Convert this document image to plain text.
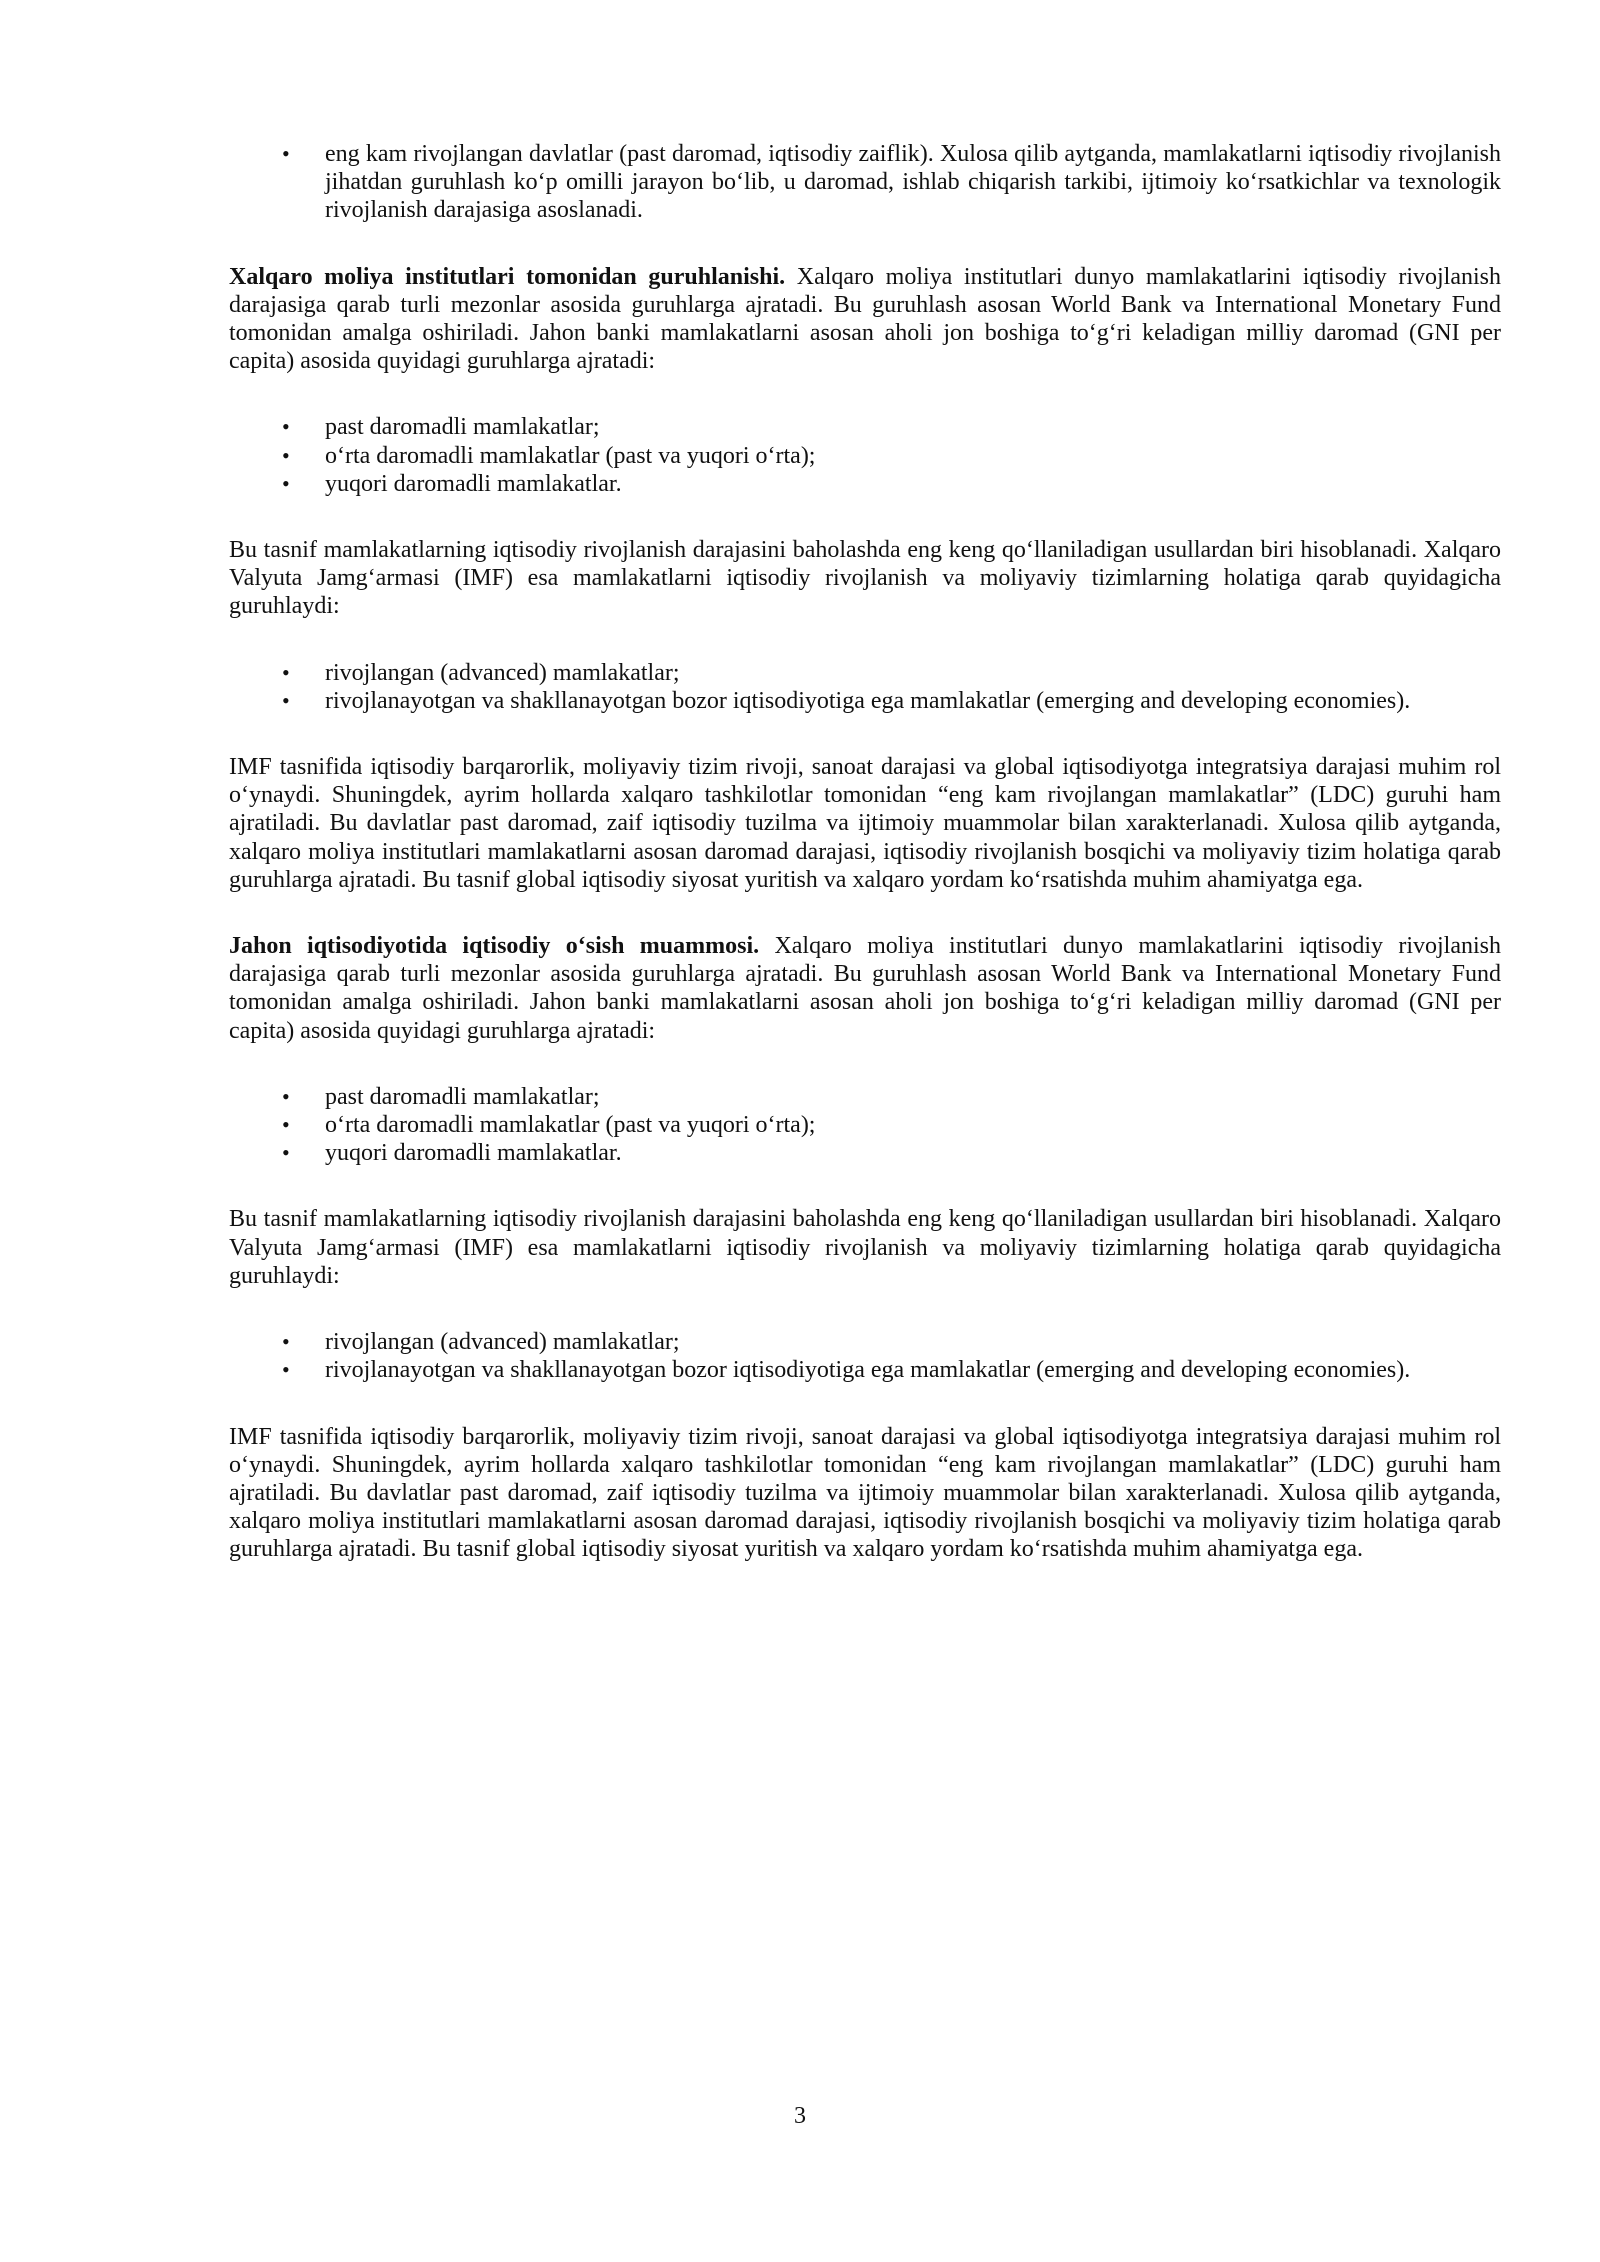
• eng kam rivojlangan davlatlar (past daromad, iqtisodiy zaiflik). Xulosa qilib aytganda, mamlakatlarni iqtisodiy rivojlanish jihatdan guruhlash ko‘p omilli jarayon bo‘lib, u daromad, ishlab chiqarish tarkibi, ijtimoiy ko‘rsatkichlar va texnologik rivojlanish darajasiga asoslanadi.

Xalqaro moliya institutlari tomonidan guruhlanishi. Xalqaro moliya institutlari dunyo mamlakatlarini iqtisodiy rivojlanish darajasiga qarab turli mezonlar asosida guruhlarga ajratadi. Bu guruhlash asosan World Bank va International Monetary Fund tomonidan amalga oshiriladi. Jahon banki mamlakatlarni asosan aholi jon boshiga to‘g‘ri keladigan milliy daromad (GNI per capita) asosida quyidagi guruhlarga ajratadi:

• past daromadli mamlakatlar;
• o‘rta daromadli mamlakatlar (past va yuqori o‘rta);
• yuqori daromadli mamlakatlar.

Bu tasnif mamlakatlarning iqtisodiy rivojlanish darajasini baholashda eng keng qo‘llaniladigan usullardan biri hisoblanadi. Xalqaro Valyuta Jamg‘armasi (IMF) esa mamlakatlarni iqtisodiy rivojlanish va moliyaviy tizimlarning holatiga qarab quyidagicha guruhlaydi:

• rivojlangan (advanced) mamlakatlar;
• rivojlanayotgan va shakllanayotgan bozor iqtisodiyotiga ega mamlakatlar (emerging and developing economies).

IMF tasnifida iqtisodiy barqarorlik, moliyaviy tizim rivoji, sanoat darajasi va global iqtisodiyotga integratsiya darajasi muhim rol o‘ynaydi. Shuningdek, ayrim hollarda xalqaro tashkilotlar tomonidan “eng kam rivojlangan mamlakatlar” (LDC) guruhi ham ajratiladi. Bu davlatlar past daromad, zaif iqtisodiy tuzilma va ijtimoiy muammolar bilan xarakterlanadi. Xulosa qilib aytganda, xalqaro moliya institutlari mamlakatlarni asosan daromad darajasi, iqtisodiy rivojlanish bosqichi va moliyaviy tizim holatiga qarab guruhlarga ajratadi. Bu tasnif global iqtisodiy siyosat yuritish va xalqaro yordam ko‘rsatishda muhim ahamiyatga ega.

Jahon iqtisodiyotida iqtisodiy o‘sish muammosi. Xalqaro moliya institutlari dunyo mamlakatlarini iqtisodiy rivojlanish darajasiga qarab turli mezonlar asosida guruhlarga ajratadi. Bu guruhlash asosan World Bank va International Monetary Fund tomonidan amalga oshiriladi. Jahon banki mamlakatlarni asosan aholi jon boshiga to‘g‘ri keladigan milliy daromad (GNI per capita) asosida quyidagi guruhlarga ajratadi:

• past daromadli mamlakatlar;
• o‘rta daromadli mamlakatlar (past va yuqori o‘rta);
• yuqori daromadli mamlakatlar.

Bu tasnif mamlakatlarning iqtisodiy rivojlanish darajasini baholashda eng keng qo‘llaniladigan usullardan biri hisoblanadi. Xalqaro Valyuta Jamg‘armasi (IMF) esa mamlakatlarni iqtisodiy rivojlanish va moliyaviy tizimlarning holatiga qarab quyidagicha guruhlaydi:

• rivojlangan (advanced) mamlakatlar;
• rivojlanayotgan va shakllanayotgan bozor iqtisodiyotiga ega mamlakatlar (emerging and developing economies).

IMF tasnifida iqtisodiy barqarorlik, moliyaviy tizim rivoji, sanoat darajasi va global iqtisodiyotga integratsiya darajasi muhim rol o‘ynaydi. Shuningdek, ayrim hollarda xalqaro tashkilotlar tomonidan “eng kam rivojlangan mamlakatlar” (LDC) guruhi ham ajratiladi. Bu davlatlar past daromad, zaif iqtisodiy tuzilma va ijtimoiy muammolar bilan xarakterlanadi. Xulosa qilib aytganda, xalqaro moliya institutlari mamlakatlarni asosan daromad darajasi, iqtisodiy rivojlanish bosqichi va moliyaviy tizim holatiga qarab guruhlarga ajratadi. Bu tasnif global iqtisodiy siyosat yuritish va xalqaro yordam ko‘rsatishda muhim ahamiyatga ega.

3
